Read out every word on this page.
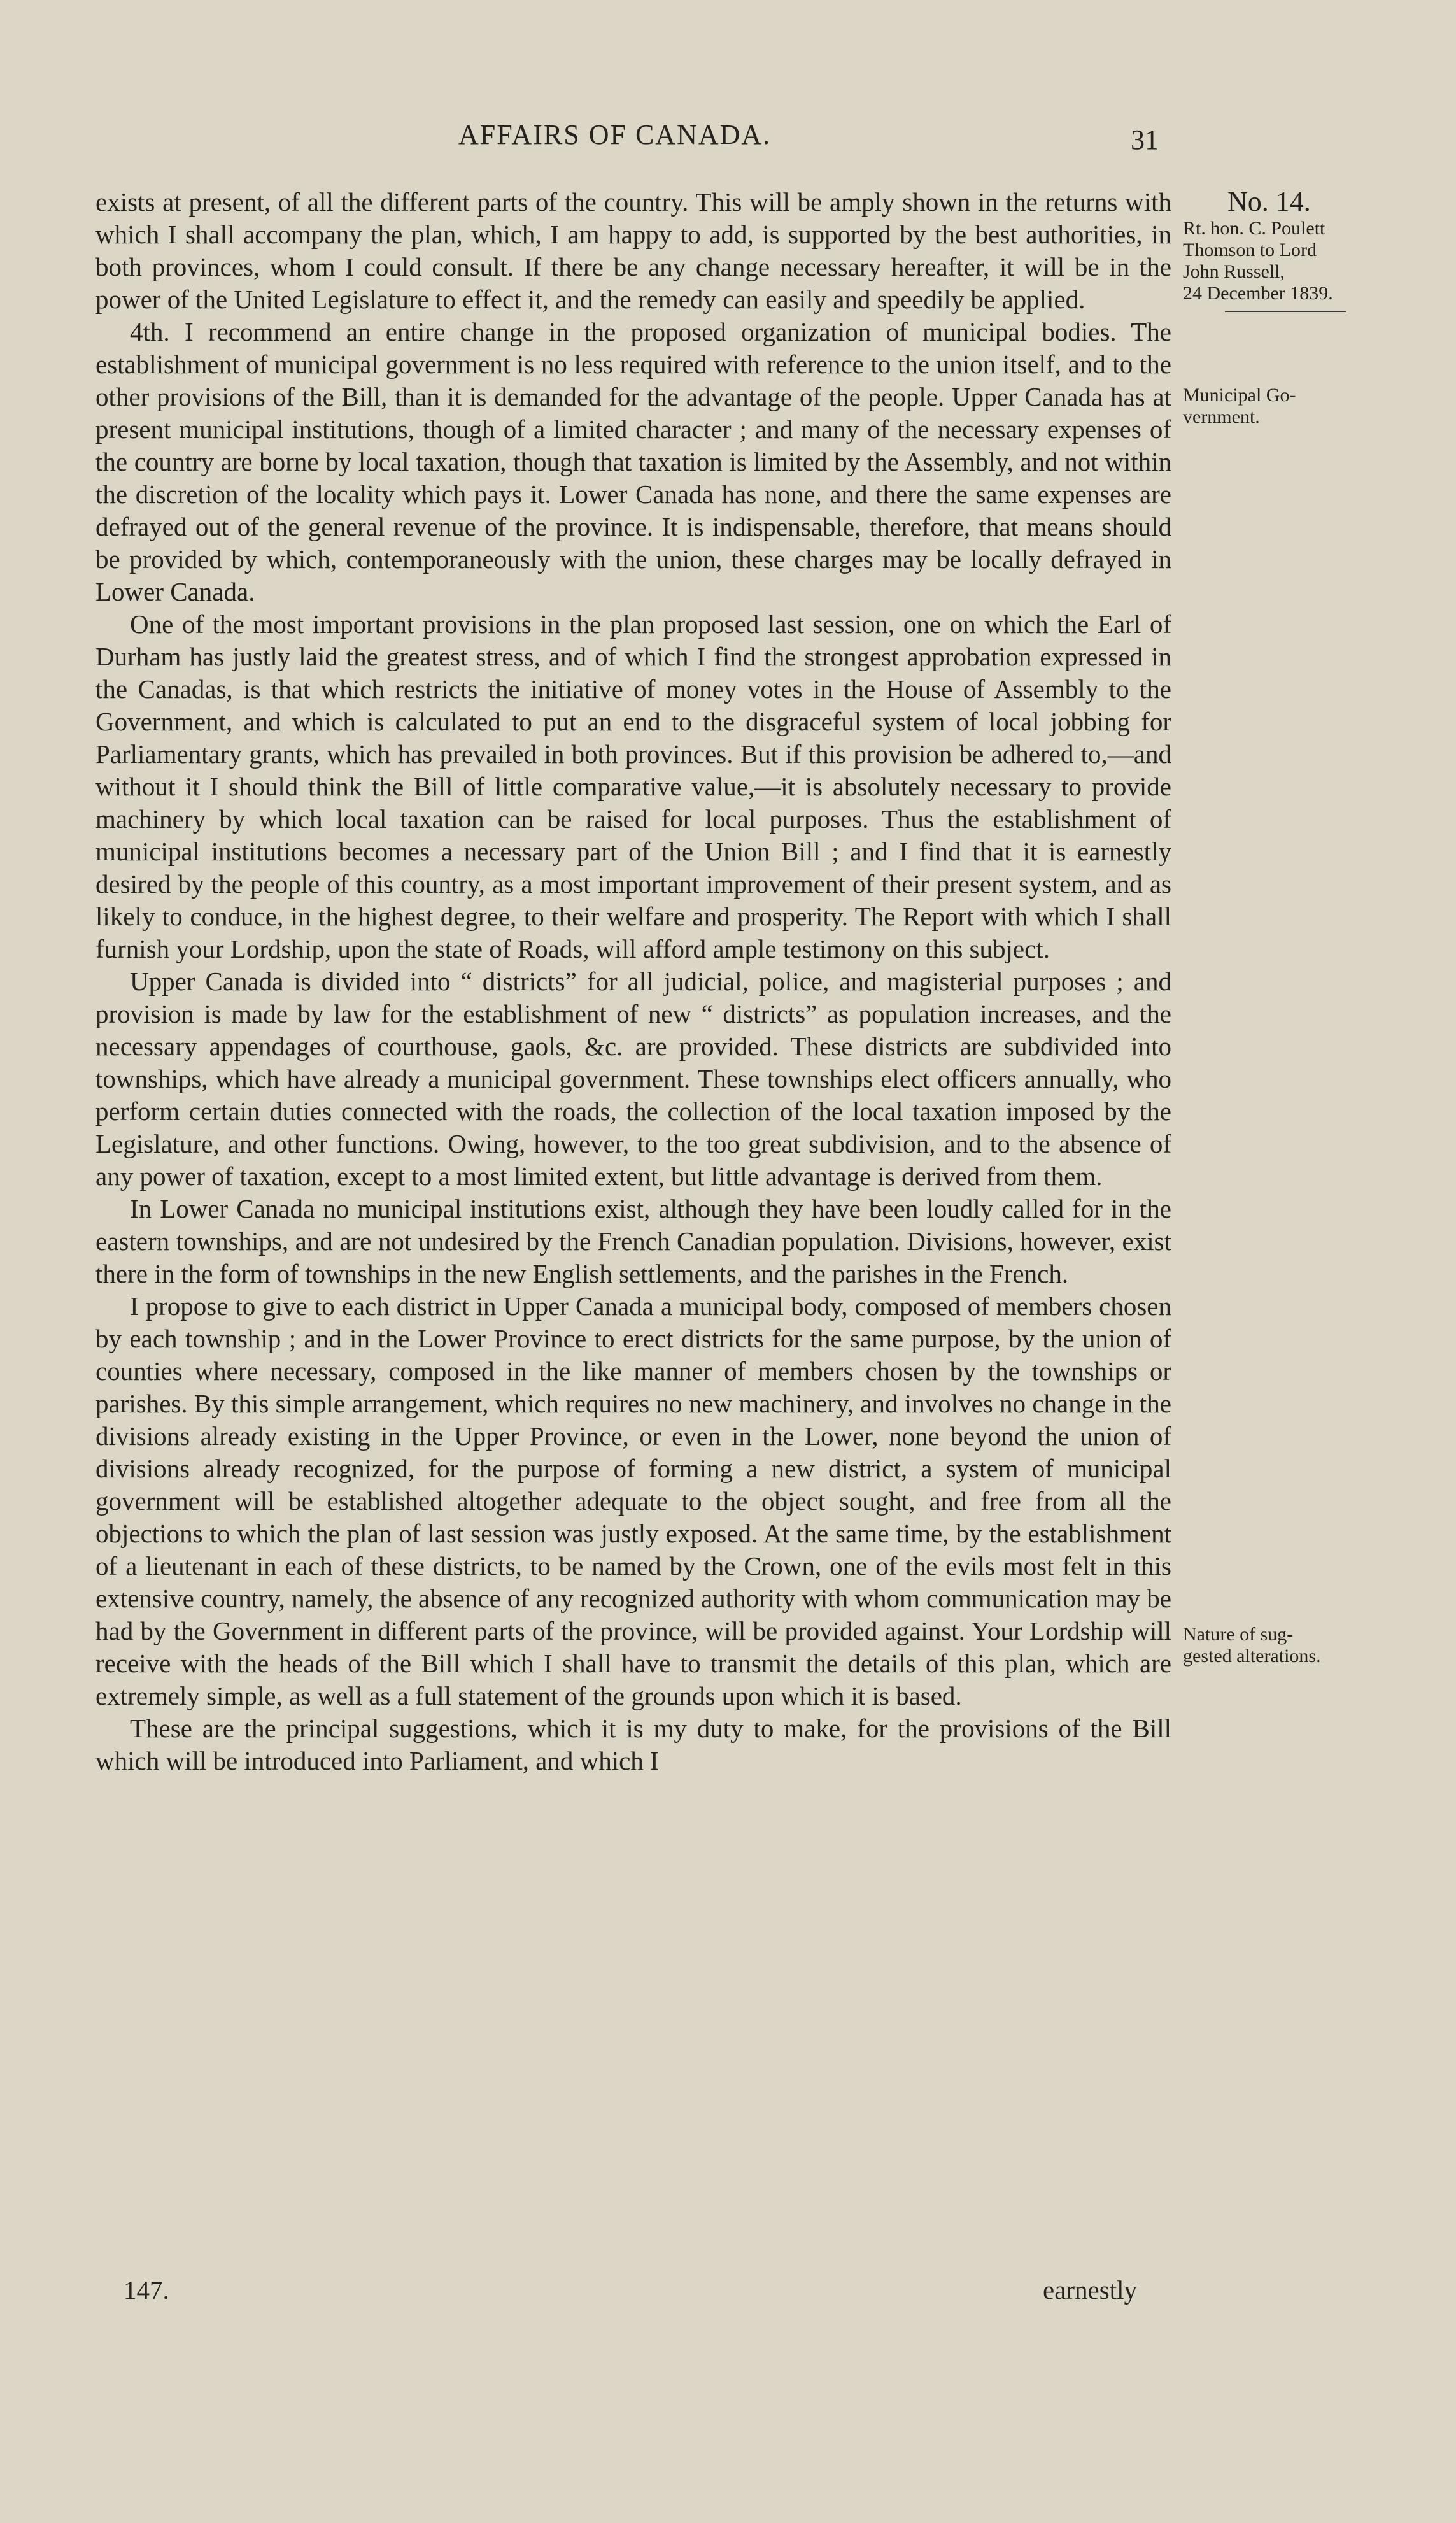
AFFAIRS OF CANADA.	31

exists at present, of all the different parts of the country. This will be amply shown in the returns with which I shall accompany the plan, which, I am happy to add, is supported by the best authorities, in both provinces, whom I could consult. If there be any change necessary hereafter, it will be in the power of the United Legislature to effect it, and the remedy can easily and speedily be applied.

4th. I recommend an entire change in the proposed organization of municipal bodies. The establishment of municipal government is no less required with reference to the union itself, and to the other provisions of the Bill, than it is demanded for the advantage of the people. Upper Canada has at present municipal institutions, though of a limited character ; and many of the necessary expenses of the country are borne by local taxation, though that taxation is limited by the Assembly, and not within the discretion of the locality which pays it. Lower Canada has none, and there the same expenses are defrayed out of the general revenue of the province. It is indispensable, therefore, that means should be provided by which, contemporaneously with the union, these charges may be locally defrayed in Lower Canada.

One of the most important provisions in the plan proposed last session, one on which the Earl of Durham has justly laid the greatest stress, and of which I find the strongest approbation expressed in the Canadas, is that which restricts the initiative of money votes in the House of Assembly to the Government, and which is calculated to put an end to the disgraceful system of local jobbing for Parliamentary grants, which has prevailed in both provinces. But if this provision be adhered to,—and without it I should think the Bill of little comparative value,—it is absolutely necessary to provide machinery by which local taxation can be raised for local purposes. Thus the establishment of municipal institutions becomes a necessary part of the Union Bill ; and I find that it is earnestly desired by the people of this country, as a most important improvement of their present system, and as likely to conduce, in the highest degree, to their welfare and prosperity. The Report with which I shall furnish your Lordship, upon the state of Roads, will afford ample testimony on this subject.

Upper Canada is divided into “ districts” for all judicial, police, and magisterial purposes ; and provision is made by law for the establishment of new “ districts” as population increases, and the necessary appendages of courthouse, gaols, &c. are provided. These districts are subdivided into townships, which have already a municipal government. These townships elect officers annually, who perform certain duties connected with the roads, the collection of the local taxation imposed by the Legislature, and other functions. Owing, however, to the too great subdivision, and to the absence of any power of taxation, except to a most limited extent, but little advantage is derived from them.

In Lower Canada no municipal institutions exist, although they have been loudly called for in the eastern townships, and are not undesired by the French Canadian population. Divisions, however, exist there in the form of townships in the new English settlements, and the parishes in the French.

I propose to give to each district in Upper Canada a municipal body, composed of members chosen by each township ; and in the Lower Province to erect districts for the same purpose, by the union of counties where necessary, composed in the like manner of members chosen by the townships or parishes. By this simple arrangement, which requires no new machinery, and involves no change in the divisions already existing in the Upper Province, or even in the Lower, none beyond the union of divisions already recognized, for the purpose of forming a new district, a system of municipal government will be established altogether adequate to the object sought, and free from all the objections to which the plan of last session was justly exposed. At the same time, by the establishment of a lieutenant in each of these districts, to be named by the Crown, one of the evils most felt in this extensive country, namely, the absence of any recognized authority with whom communication may be had by the Government in different parts of the province, will be provided against. Your Lordship will receive with the heads of the Bill which I shall have to transmit the details of this plan, which are extremely simple, as well as a full statement of the grounds upon which it is based.

These are the principal suggestions, which it is my duty to make, for the provisions of the Bill which will be introduced into Parliament, and which I

No. 14.
Rt. hon. C. Poulett
Thomson to Lord
John Russell,
24 December 1839.
Municipal Go-
vernment.
Nature of sug-
gested alterations.
147.	earnestly
